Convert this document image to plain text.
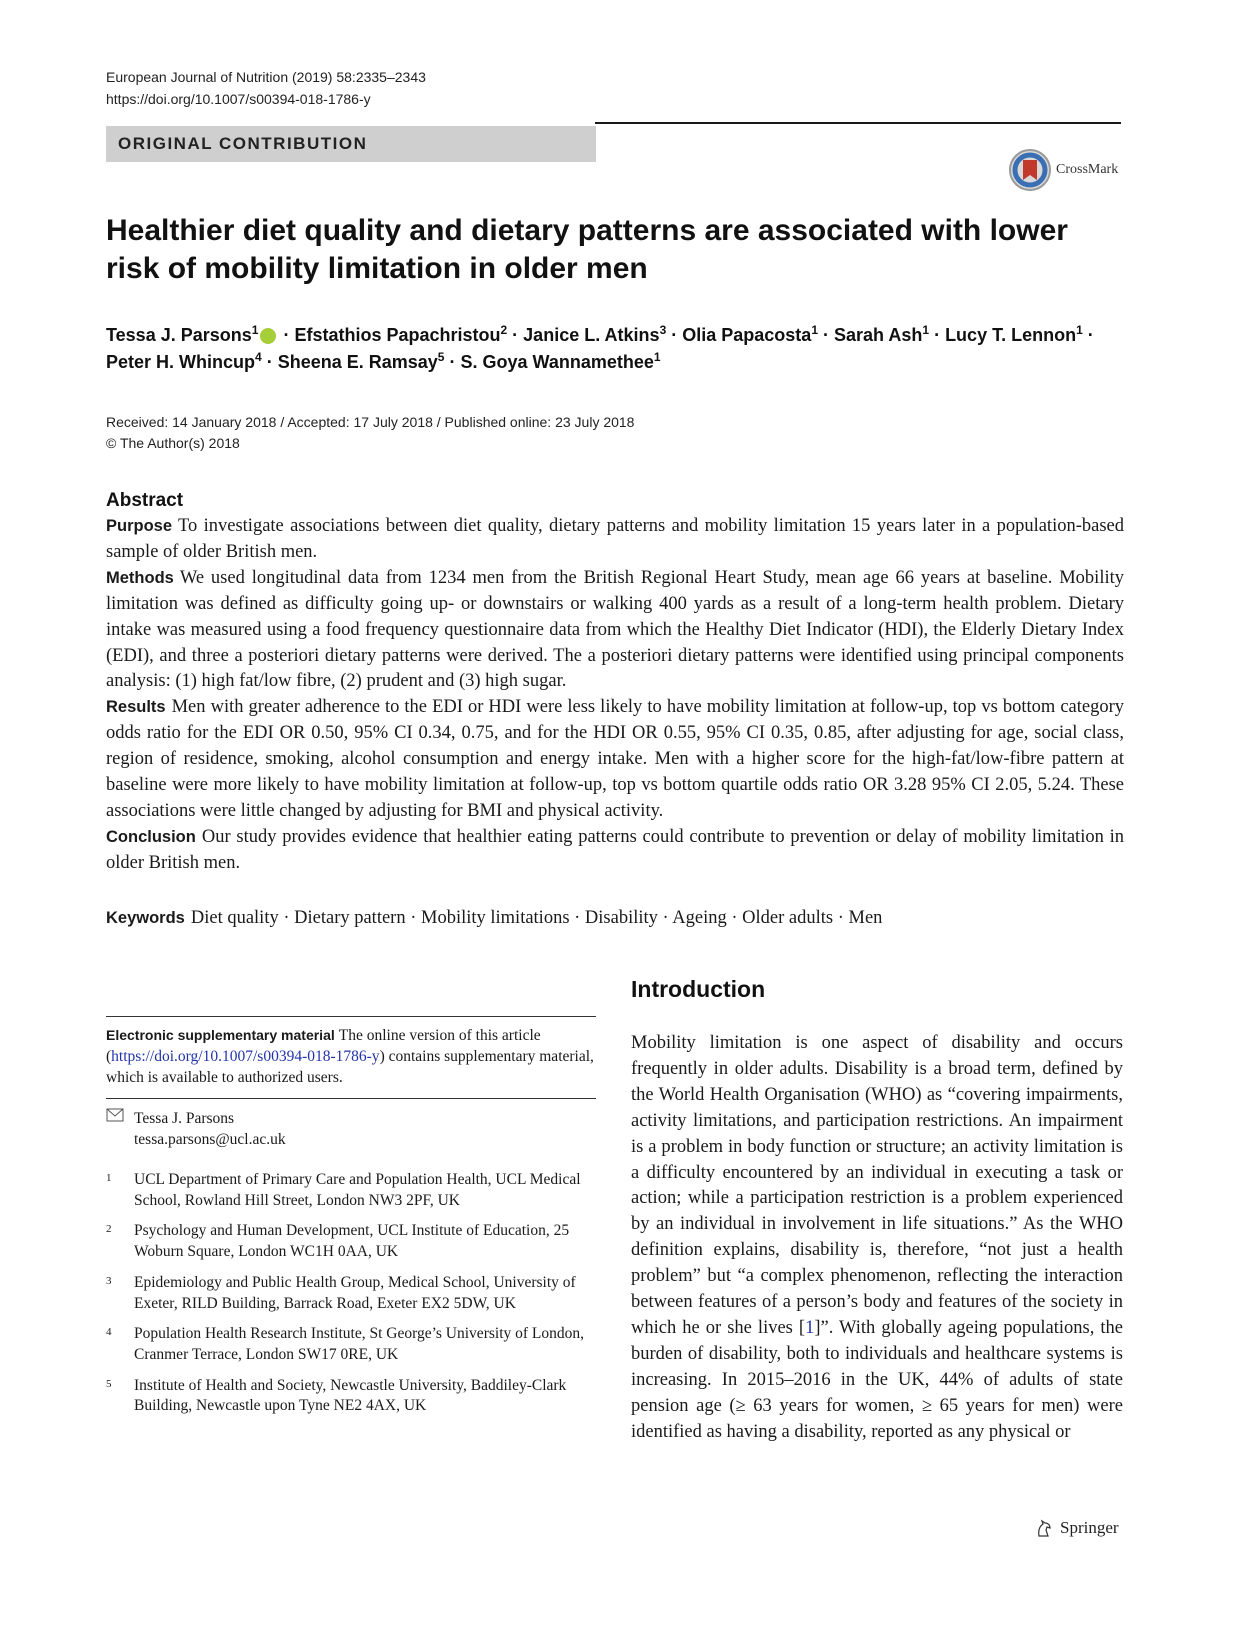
European Journal of Nutrition (2019) 58:2335–2343
https://doi.org/10.1007/s00394-018-1786-y
ORIGINAL CONTRIBUTION
CrossMark
Healthier diet quality and dietary patterns are associated with lower risk of mobility limitation in older men
Tessa J. Parsons$^1$ · Efstathios Papachristou$^2$ · Janice L. Atkins$^3$ · Olia Papacosta$^1$ · Sarah Ash$^1$ · Lucy T. Lennon$^1$ ·
Peter H. Whincup$^4$ · Sheena E. Ramsay$^5$ · S. Goya Wannamethee$^1$
Received: 14 January 2018 / Accepted: 17 July 2018 / Published online: 23 July 2018
© The Author(s) 2018
Abstract

Purpose To investigate associations between diet quality, dietary patterns and mobility limitation 15 years later in a population-based sample of older British men.

Methods We used longitudinal data from 1234 men from the British Regional Heart Study, mean age 66 years at baseline. Mobility limitation was defined as difficulty going up- or downstairs or walking 400 yards as a result of a long-term health problem. Dietary intake was measured using a food frequency questionnaire data from which the Healthy Diet Indicator (HDI), the Elderly Dietary Index (EDI), and three a posteriori dietary patterns were derived. The a posteriori dietary patterns were identified using principal components analysis: (1) high fat/low fibre, (2) prudent and (3) high sugar.

Results Men with greater adherence to the EDI or HDI were less likely to have mobility limitation at follow-up, top vs bottom category odds ratio for the EDI OR 0.50, 95% CI 0.34, 0.75, and for the HDI OR 0.55, 95% CI 0.35, 0.85, after adjusting for age, social class, region of residence, smoking, alcohol consumption and energy intake. Men with a higher score for the high-fat/low-fibre pattern at baseline were more likely to have mobility limitation at follow-up, top vs bottom quartile odds ratio OR 3.28 95% CI 2.05, 5.24. These associations were little changed by adjusting for BMI and physical activity.

Conclusion Our study provides evidence that healthier eating patterns could contribute to prevention or delay of mobility limitation in older British men.

Keywords Diet quality · Dietary pattern · Mobility limitations · Disability · Ageing · Older adults · Men
Electronic supplementary material The online version of this article (https://doi.org/10.1007/s00394-018-1786-y) contains supplementary material, which is available to authorized users.
Tessa J. Parsons
tessa.parsons@ucl.ac.uk
1	UCL Department of Primary Care and Population Health, UCL Medical School, Rowland Hill Street, London NW3 2PF, UK
2	Psychology and Human Development, UCL Institute of Education, 25 Woburn Square, London WC1H 0AA, UK
3	Epidemiology and Public Health Group, Medical School, University of Exeter, RILD Building, Barrack Road, Exeter EX2 5DW, UK
4	Population Health Research Institute, St George’s University of London, Cranmer Terrace, London SW17 0RE, UK
5	Institute of Health and Society, Newcastle University, Baddiley-Clark Building, Newcastle upon Tyne NE2 4AX, UK
Introduction

Mobility limitation is one aspect of disability and occurs frequently in older adults. Disability is a broad term, defined by the World Health Organisation (WHO) as “covering impairments, activity limitations, and participation restrictions. An impairment is a problem in body function or structure; an activity limitation is a difficulty encountered by an individual in executing a task or action; while a participation restriction is a problem experienced by an individual in involvement in life situations.” As the WHO definition explains, disability is, therefore, “not just a health problem” but “a complex phenomenon, reflecting the interaction between features of a person’s body and features of the society in which he or she lives [1]”. With globally ageing populations, the burden of disability, both to individuals and healthcare systems is increasing. In 2015–2016 in the UK, 44% of adults of state pension age (≥ 63 years for women, ≥ 65 years for men) were identified as having a disability, reported as any physical or

Springer
